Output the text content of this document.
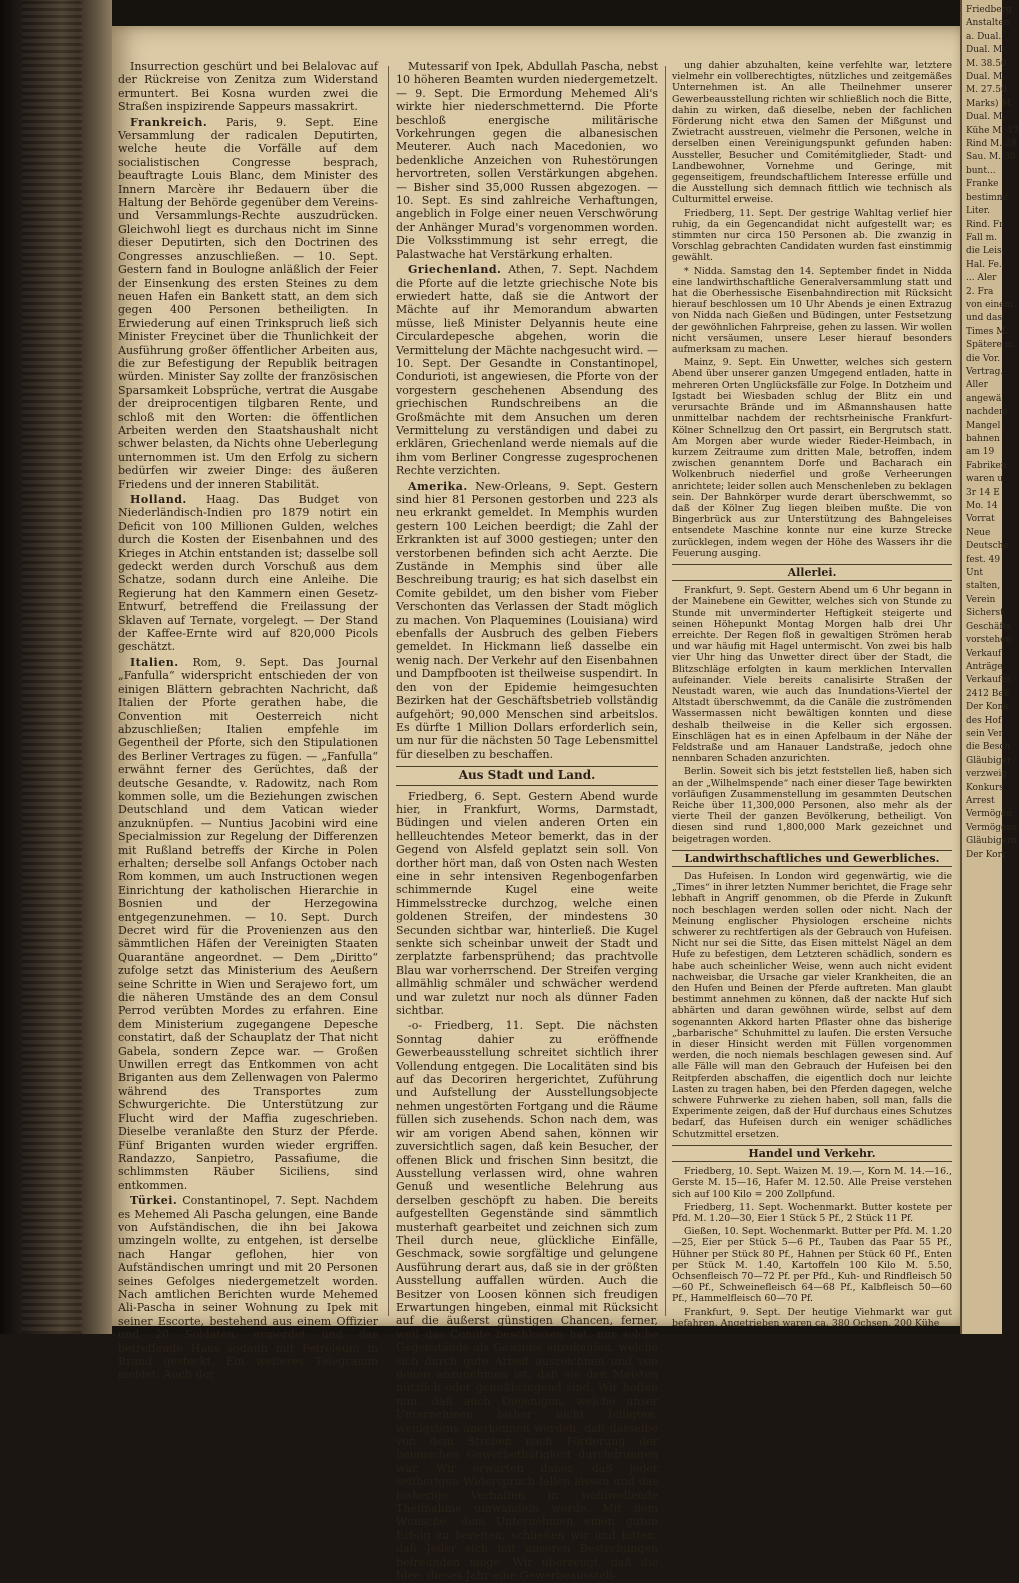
Insurrection geschürt und bei Belalovac auf der Rückreise von Zenitza zum Widerstand ermuntert. Bei Kosna wurden zwei die Straßen inspizirende Sappeurs massakrirt.

Frankreich. Paris, 9. Sept. Eine Versammlung der radicalen Deputirten, welche heute die Vorfälle auf dem socialistischen Congresse besprach, beauftragte Louis Blanc, dem Minister des Innern Marcère ihr Bedauern über die Haltung der Behörde gegenüber dem Vereins- und Versammlungs-Rechte auszudrücken. Gleichwohl liegt es durchaus nicht im Sinne dieser Deputirten, sich den Doctrinen des Congresses anzuschließen. — 10. Sept. Gestern fand in Boulogne anläßlich der Feier der Einsenkung des ersten Steines zu dem neuen Hafen ein Bankett statt, an dem sich gegen 400 Personen betheiligten. In Erwiederung auf einen Trinkspruch ließ sich Minister Freycinet über die Thunlichkeit der Ausführung großer öffentlicher Arbeiten aus, die zur Befestigung der Republik beitragen würden. Minister Say zollte der französischen Sparsamkeit Lobsprüche, vertrat die Ausgabe der dreiprocentigen tilgbaren Rente, und schloß mit den Worten: die öffentlichen Arbeiten werden den Staatshaushalt nicht schwer belasten, da Nichts ohne Ueberlegung unternommen ist. Um den Erfolg zu sichern bedürfen wir zweier Dinge: des äußeren Friedens und der inneren Stabilität.

Holland. Haag. Das Budget von Niederländisch-Indien pro 1879 notirt ein Deficit von 100 Millionen Gulden, welches durch die Kosten der Eisenbahnen und des Krieges in Atchin entstanden ist; dasselbe soll gedeckt werden durch Vorschuß aus dem Schatze, sodann durch eine Anleihe. Die Regierung hat den Kammern einen Gesetz-Entwurf, betreffend die Freilassung der Sklaven auf Ternate, vorgelegt. — Der Stand der Kaffee-Ernte wird auf 820,000 Picols geschätzt.

Italien. Rom, 9. Sept. Das Journal „Fanfulla“ widerspricht entschieden der von einigen Blättern gebrachten Nachricht, daß Italien der Pforte gerathen habe, die Convention mit Oesterreich nicht abzuschließen; Italien empfehle im Gegentheil der Pforte, sich den Stipulationen des Berliner Vertrages zu fügen. — „Fanfulla“ erwähnt ferner des Gerüchtes, daß der deutsche Gesandte, v. Radowitz, nach Rom kommen solle, um die Beziehungen zwischen Deutschland und dem Vatican wieder anzuknüpfen. — Nuntius Jacobini wird eine Specialmission zur Regelung der Differenzen mit Rußland betreffs der Kirche in Polen erhalten; derselbe soll Anfangs October nach Rom kommen, um auch Instructionen wegen Einrichtung der katholischen Hierarchie in Bosnien und der Herzegowina entgegenzunehmen. — 10. Sept. Durch Decret wird für die Provenienzen aus den sämmtlichen Häfen der Vereinigten Staaten Quarantäne angeordnet. — Dem „Diritto“ zufolge setzt das Ministerium des Aeußern seine Schritte in Wien und Serajewo fort, um die näheren Umstände des an dem Consul Perrod verübten Mordes zu erfahren. Eine dem Ministerium zugegangene Depesche constatirt, daß der Schauplatz der That nicht Gabela, sondern Zepce war. — Großen Unwillen erregt das Entkommen von acht Briganten aus dem Zellenwagen von Palermo während des Transportes zum Schwurgerichte. Die Unterstützung zur Flucht wird der Maffia zugeschrieben. Dieselbe veranlaßte den Sturz der Pferde. Fünf Briganten wurden wieder ergriffen. Randazzo, Sanpietro, Passafiume, die schlimmsten Räuber Siciliens, sind entkommen.

Türkei. Constantinopel, 7. Sept. Nachdem es Mehemed Ali Pascha gelungen, eine Bande von Aufständischen, die ihn bei Jakowa umzingeln wollte, zu entgehen, ist derselbe nach Hangar geflohen, hier von Aufständischen umringt und mit 20 Personen seines Gefolges niedergemetzelt worden. Nach amtlichen Berichten wurde Mehemed Ali-Pascha in seiner Wohnung zu Ipek mit seiner Escorte, bestehend aus einem Offizier und 20 Soldaten, ermordet und das betreffende Haus sodann mit Petroleum in Brand gesteckt. Ein weiteres Telegramm meldet: Auch der

Mutessarif von Ipek, Abdullah Pascha, nebst 10 höheren Beamten wurden niedergemetzelt. — 9. Sept. Die Ermordung Mehemed Ali's wirkte hier niederschmetternd. Die Pforte beschloß energische militärische Vorkehrungen gegen die albanesischen Meuterer. Auch nach Macedonien, wo bedenkliche Anzeichen von Ruhestörungen hervortreten, sollen Verstärkungen abgehen. — Bisher sind 35,000 Russen abgezogen. — 10. Sept. Es sind zahlreiche Verhaftungen, angeblich in Folge einer neuen Verschwörung der Anhänger Murad's vorgenommen worden. Die Volksstimmung ist sehr erregt, die Palastwache hat Verstärkung erhalten.

Griechenland. Athen, 7. Sept. Nachdem die Pforte auf die letzte griechische Note bis erwiedert hatte, daß sie die Antwort der Mächte auf ihr Memorandum abwarten müsse, ließ Minister Delyannis heute eine Circulardepesche abgehen, worin die Vermittelung der Mächte nachgesucht wird. — 10. Sept. Der Gesandte in Constantinopel, Condurioti, ist angewiesen, die Pforte von der vorgestern geschehenen Absendung des griechischen Rundschreibens an die Großmächte mit dem Ansuchen um deren Vermittelung zu verständigen und dabei zu erklären, Griechenland werde niemals auf die ihm vom Berliner Congresse zugesprochenen Rechte verzichten.

Amerika. New-Orleans, 9. Sept. Gestern sind hier 81 Personen gestorben und 223 als neu erkrankt gemeldet. In Memphis wurden gestern 100 Leichen beerdigt; die Zahl der Erkrankten ist auf 3000 gestiegen; unter den verstorbenen befinden sich acht Aerzte. Die Zustände in Memphis sind über alle Beschreibung traurig; es hat sich daselbst ein Comite gebildet, um den bisher vom Fieber Verschonten das Verlassen der Stadt möglich zu machen. Von Plaquemines (Louisiana) wird ebenfalls der Ausbruch des gelben Fiebers gemeldet. In Hickmann ließ dasselbe ein wenig nach. Der Verkehr auf den Eisenbahnen und Dampfbooten ist theilweise suspendirt. In den von der Epidemie heimgesuchten Bezirken hat der Geschäftsbetrieb vollständig aufgehört; 90,000 Menschen sind arbeitslos. Es dürfte 1 Million Dollars erforderlich sein, um nur für die nächsten 50 Tage Lebensmittel für dieselben zu beschaffen.

Aus Stadt und Land.

Friedberg, 6. Sept. Gestern Abend wurde hier, in Frankfurt, Worms, Darmstadt, Büdingen und vielen anderen Orten ein hellleuchtendes Meteor bemerkt, das in der Gegend von Alsfeld geplatzt sein soll. Von dorther hört man, daß von Osten nach Westen eine in sehr intensiven Regenbogenfarben schimmernde Kugel eine weite Himmelsstrecke durchzog, welche einen goldenen Streifen, der mindestens 30 Secunden sichtbar war, hinterließ. Die Kugel senkte sich scheinbar unweit der Stadt und zerplatzte farbensprühend; das prachtvolle Blau war vorherrschend. Der Streifen verging allmählig schmäler und schwächer werdend und war zuletzt nur noch als dünner Faden sichtbar.

-o- Friedberg, 11. Sept. Die nächsten Sonntag dahier zu eröffnende Gewerbeausstellung schreitet sichtlich ihrer Vollendung entgegen. Die Localitäten sind bis auf das Decoriren hergerichtet, Zuführung und Aufstellung der Ausstellungsobjecte nehmen ungestörten Fortgang und die Räume füllen sich zusehends. Schon nach dem, was wir am vorigen Abend sahen, können wir zuversichtlich sagen, daß kein Besucher, der offenen Blick und frischen Sinn besitzt, die Ausstellung verlassen wird, ohne wahren Genuß und wesentliche Belehrung aus derselben geschöpft zu haben. Die bereits aufgestellten Gegenstände sind sämmtlich musterhaft gearbeitet und zeichnen sich zum Theil durch neue, glückliche Einfälle, Geschmack, sowie sorgfältige und gelungene Ausführung derart aus, daß sie in der größten Ausstellung auffallen würden. Auch die Besitzer von Loosen können sich freudigen Erwartungen hingeben, einmal mit Rücksicht auf die äußerst günstigen Chancen, ferner, weil das Comite beschlossen hat, nur solche Gegenstände als Gewinne anzukaufen, welche sich durch gute Arbeit auszeichnen und von denen anzunehmen ist, daß sie den Meisten nützlich oder genußbringend sind. Wir hoffen nun, daß auch Diejenigen, welche unser Unternehmen bisher nicht billigten, wenigstens anerkennen werden, daß dasselbe von dem Streben nach Förderung der heimischen Gewerbethätigkeit durchdrungen war. Wir erwarten daher, daß jeder seitherigen Widerspruch fallen lassen und das bisherige Verhalten in wohlwollende Theilnahme umwandeln werde. Mit dem Wunsche, dem Unternehmen einen guten Erfolg zu bereiten, schließen wir und bitten, daß Jeder sich mit unseren Bestrebungen befreunden möge. Wir überzeugt, daß die Idee, dieses Jahr eine Gewerbeausstell-

ung dahier abzuhalten, keine verfehlte war, letztere vielmehr ein vollberechtigtes, nützliches und zeitgemäßes Unternehmen ist. An alle Theilnehmer unserer Gewerbeausstellung richten wir schließlich noch die Bitte, dahin zu wirken, daß dieselbe, neben der fachlichen Förderung nicht etwa den Samen der Mißgunst und Zwietracht ausstreuen, vielmehr die Personen, welche in derselben einen Vereinigungspunkt gefunden haben: Aussteller, Besucher und Comitémitglieder, Stadt- und Landbewohner, Vornehme und Geringe, mit gegenseitigem, freundschaftlichem Interesse erfülle und die Ausstellung sich demnach fittlich wie technisch als Culturmittel erweise.

Friedberg, 11. Sept. Der gestrige Wahltag verlief hier ruhig, da ein Gegencandidat nicht aufgestellt war; es stimmten nur circa 150 Personen ab. Die zwanzig in Vorschlag gebrachten Candidaten wurden fast einstimmig gewählt.

* Nidda. Samstag den 14. September findet in Nidda eine landwirthschaftliche Generalversammlung statt und hat die Oberhessische Eisenbahndirection mit Rücksicht hierauf beschlossen um 10 Uhr Abends je einen Extrazug von Nidda nach Gießen und Büdingen, unter Festsetzung der gewöhnlichen Fahrpreise, gehen zu lassen. Wir wollen nicht versäumen, unsere Leser hierauf besonders aufmerksam zu machen.

Mainz, 9. Sept. Ein Unwetter, welches sich gestern Abend über unserer ganzen Umgegend entladen, hatte in mehreren Orten Unglücksfälle zur Folge. In Dotzheim und Igstadt bei Wiesbaden schlug der Blitz ein und verursachte Brände und im Aßmannshausen hatte unmittelbar nachdem der rechtsrheinische Frankfurt-Kölner Schnellzug den Ort passirt, ein Bergrutsch statt. Am Morgen aber wurde wieder Rieder-Heimbach, in kurzem Zeitraume zum dritten Male, betroffen, indem zwischen genanntem Dorfe und Bacharach ein Wolkenbruch niederfiel und große Verheerungen anrichtete; leider sollen auch Menschenleben zu beklagen sein. Der Bahnkörper wurde derart überschwemmt, so daß der Kölner Zug liegen bleiben mußte. Die von Bingerbrück aus zur Unterstützung des Bahngeleises entsendete Maschine konnte nur eine kurze Strecke zurücklegen, indem wegen der Höhe des Wassers ihr die Feuerung ausging.

Allerlei.

Frankfurt, 9. Sept. Gestern Abend um 6 Uhr begann in der Mainebene ein Gewitter, welches sich von Stunde zu Stunde mit unverminderter Heftigkeit steigerte und seinen Höhepunkt Montag Morgen halb drei Uhr erreichte. Der Regen floß in gewaltigen Strömen herab und war häufig mit Hagel untermischt. Von zwei bis halb vier Uhr hing das Unwetter direct über der Stadt, die Blitzschläge erfolgten in kaum merklichen Intervallen aufeinander. Viele bereits canalisirte Straßen der Neustadt waren, wie auch das Inundations-Viertel der Altstadt überschwemmt, da die Canäle die zuströmenden Wassermassen nicht bewältigen konnten und diese deshalb theilweise in die Keller sich ergossen. Einschlägen hat es in einen Apfelbaum in der Nähe der Feldstraße und am Hanauer Landstraße, jedoch ohne nennbaren Schaden anzurichten.

Berlin. Soweit sich bis jetzt feststellen ließ, haben sich an der „Wilhelmspende“ nach einer dieser Tage bewirkten vorläufigen Zusammenstellung im gesammten Deutschen Reiche über 11,300,000 Personen, also mehr als der vierte Theil der ganzen Bevölkerung, betheiligt. Von diesen sind rund 1,800,000 Mark gezeichnet und beigetragen worden.

Landwirthschaftliches und Gewerbliches.

Das Hufeisen. In London wird gegenwärtig, wie die „Times“ in ihrer letzten Nummer berichtet, die Frage sehr lebhaft in Angriff genommen, ob die Pferde in Zukunft noch beschlagen werden sollen oder nicht. Nach der Meinung englischer Physiologen erscheine nichts schwerer zu rechtfertigen als der Gebrauch von Hufeisen. Nicht nur sei die Sitte, das Eisen mittelst Nägel an dem Hufe zu befestigen, dem Letzteren schädlich, sondern es habe auch scheinlicher Weise, wenn auch nicht evident nachweisbar, die Ursache gar vieler Krankheiten, die an den Hufen und Beinen der Pferde auftreten. Man glaubt bestimmt annehmen zu können, daß der nackte Huf sich abhärten und daran gewöhnen würde, selbst auf dem sogenannten Akkord harten Pflaster ohne das bisherige „barbarische“ Schuhmittel zu laufen. Die ersten Versuche in dieser Hinsicht werden mit Füllen vorgenommen werden, die noch niemals beschlagen gewesen sind. Auf alle Fälle will man den Gebrauch der Hufeisen bei den Reitpferden abschaffen, die eigentlich doch nur leichte Lasten zu tragen haben, bei den Pferden dagegen, welche schwere Fuhrwerke zu ziehen haben, soll man, falls die Experimente zeigen, daß der Huf durchaus eines Schutzes bedarf, das Hufeisen durch ein weniger schädliches Schutzmittel ersetzen.

Handel und Verkehr.

Friedberg, 10. Sept. Waizen M. 19.—, Korn M. 14.—16., Gerste M. 15—16, Hafer M. 12.50. Alle Preise verstehen sich auf 100 Kilo = 200 Zollpfund.

Friedberg, 11. Sept. Wochenmarkt. Butter kostete per Pfd. M. 1.20—30, Eier 1 Stück 5 Pf., 2 Stück 11 Pf.

Gießen, 10. Sept. Wochenmarkt. Butter per Pfd. M. 1.20—25, Eier per Stück 5—6 Pf., Tauben das Paar 55 Pf., Hühner per Stück 80 Pf., Hahnen per Stück 60 Pf., Enten per Stück M. 1.40, Kartoffeln 100 Kilo M. 5.50, Ochsenfleisch 70—72 Pf. per Pfd., Kuh- und Rindfleisch 50—60 Pf., Schweinefleisch 64—68 Pf., Kalbfleisch 50—60 Pf., Hammelfleisch 60—70 Pf.

Frankfurt, 9. Sept. Der heutige Viehmarkt war gut befahren. Angetrieben waren ca. 380 Ochsen, 200 Kühe

Friedberg
Anstalten
a. Dual.
Dual. M.
M. 38.50.
Dual. M.
M. 27.50.
Marks) M.
Dual. M.
Kühe M. 17
Rind M. 28
Sau. M. 30
bunt...
Franke
bestimmt
Liter.
Rind. Fr.
Fall m.
die Leis.
Hal. Fe.
... Aler
2. Fra
von einem
und das
Times M.
Spätere m.
die Vor.
Vertrag.
Aller
angewä
nachdem
Mangel
bahnen
am 19
Fabriken
waren u.
3r 14 E
Mo. 14
Vorrat
Neue
Deutsche
fest. 49
Unt
stalten,
Verein
Sicherst
Geschäfts
vorstehen
Verkauf
Anträge
Verkaufes
2412 Bek
Der Konk
des Hof
sein Ver
die Besch
Gläubiger
verzweig
Konkurs
Arrest
Vermögen
Vermögens
Gläubigern
Der Korr
